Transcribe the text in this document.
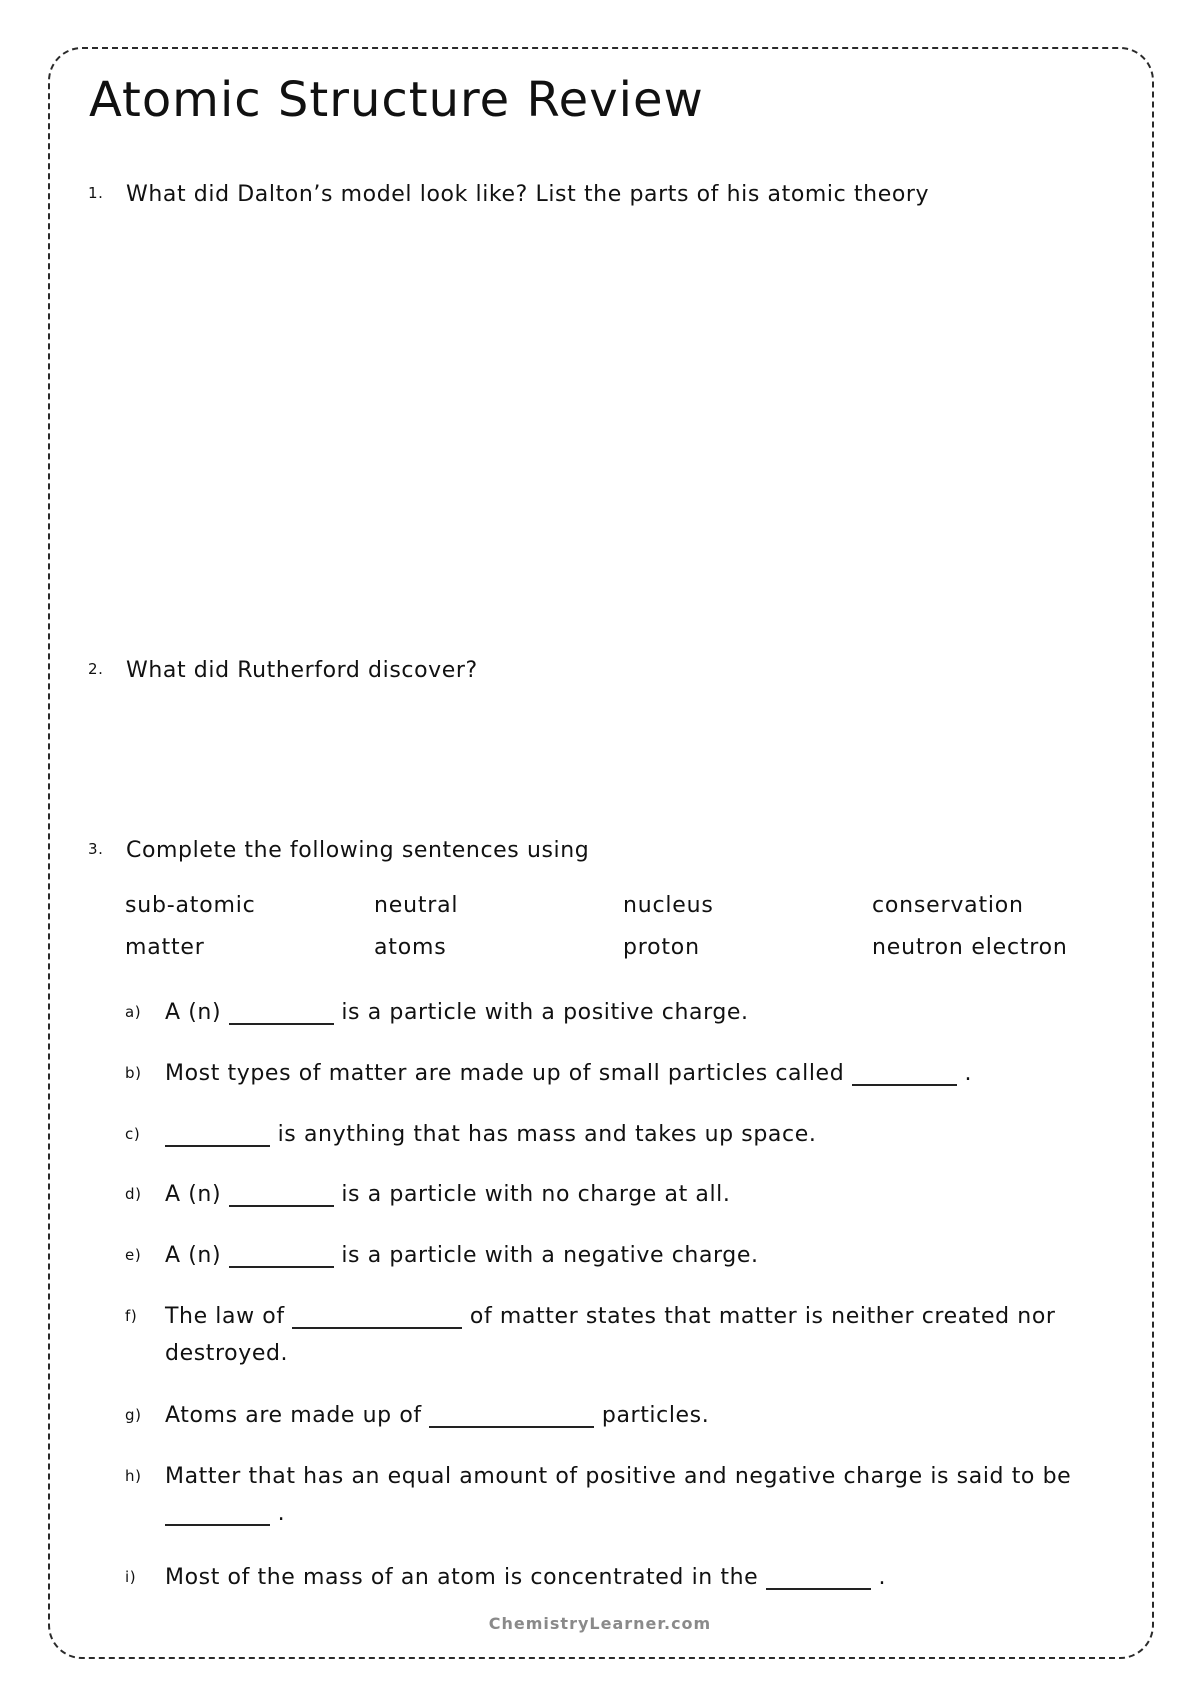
Atomic Structure Review
1. What did Dalton’s model look like? List the parts of his atomic theory
2. What did Rutherford discover?
3. Complete the following sentences using
sub-atomic	neutral	nucleus	conservation
matter	atoms	proton	neutron electron
a) A (n)	is a particle with a positive charge.
b) Most types of matter are made up of small particles called	.
c)	is anything that has mass and takes up space.
d) A (n)	is a particle with no charge at all.
e) A (n)	is a particle with a negative charge.
f) The law of	of matter states that matter is neither created nor destroyed.
g) Atoms are made up of	particles.
h) Matter that has an equal amount of positive and negative charge is said to be  .
i) Most of the mass of an atom is concentrated in the	.
ChemistryLearner.com
